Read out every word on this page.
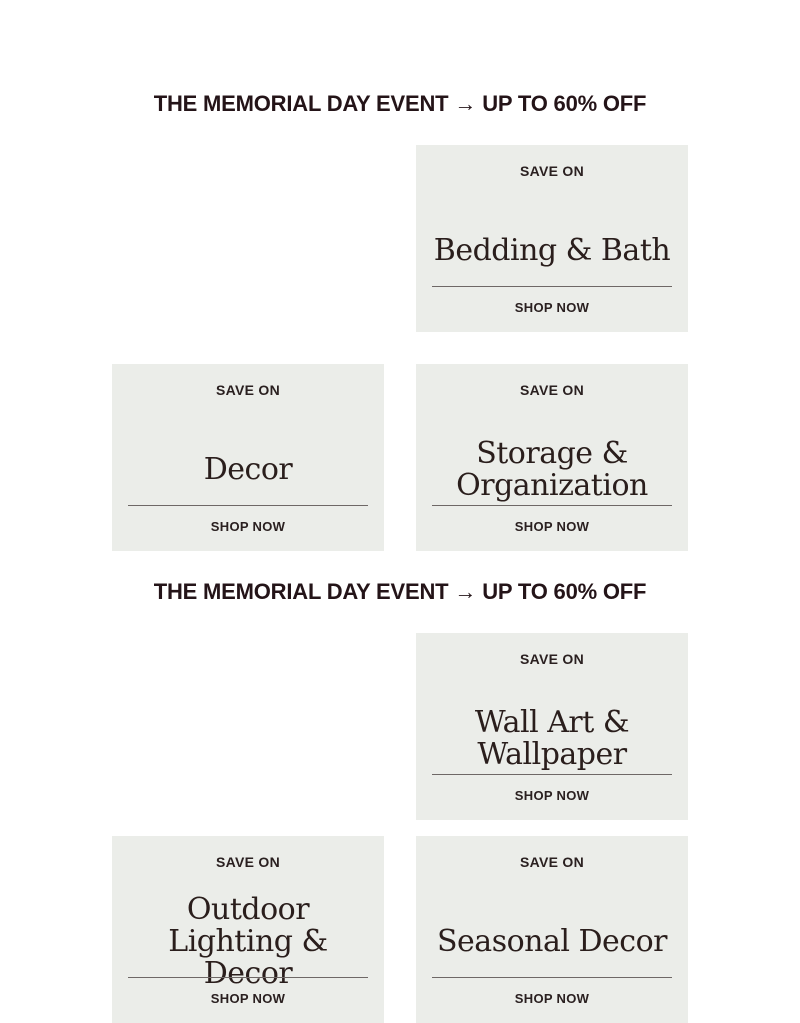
THE MEMORIAL DAY EVENT → UP TO 60% OFF
SAVE ON
Bedding & Bath
SHOP NOW
SAVE ON
Decor
SHOP NOW
SAVE ON
Storage & Organization
SHOP NOW
THE MEMORIAL DAY EVENT → UP TO 60% OFF
SAVE ON
Wall Art & Wallpaper
SHOP NOW
SAVE ON
Outdoor Lighting & Decor
SHOP NOW
SAVE ON
Seasonal Decor
SHOP NOW
